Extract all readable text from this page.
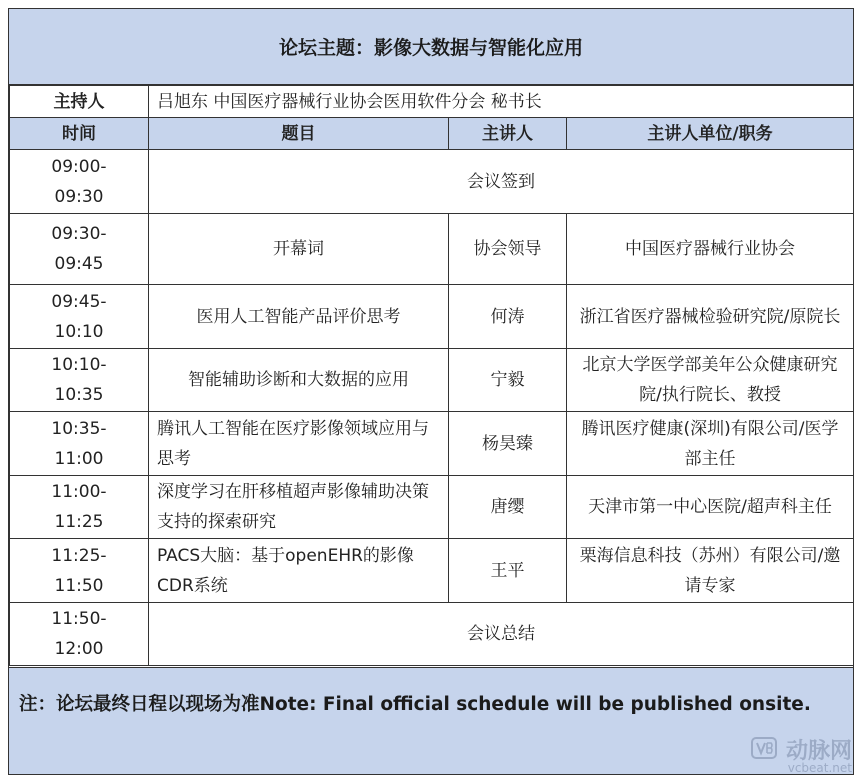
论坛主题：影像大数据与智能化应用
主持人	吕旭东 中国医疗器械行业协会医用软件分会 秘书长		
时间	题目	主讲人	主讲人单位/职务

09:00-
09:30	会议签到		

09:30-
09:45	开幕词	协会领导	中国医疗器械行业协会

09:45-
10:10	医用人工智能产品评价思考	何涛	浙江省医疗器械检验研究院/原院长

10:10-
10:35	智能辅助诊断和大数据的应用	宁毅	北京大学医学部美年公众健康研究院/执行院长、教授

10:35-
11:00	腾讯人工智能在医疗影像领域应用与思考	杨昊臻	腾讯医疗健康(深圳)有限公司/医学部主任

11:00-
11:25	深度学习在肝移植超声影像辅助决策支持的探索研究	唐缨	天津市第一中心医院/超声科主任

11:25-
11:50	PACS大脑：基于openEHR的影像CDR系统	王平	栗海信息科技（苏州）有限公司/邀请专家

11:50-
12:00	会议总结		
注：论坛最终日程以现场为准Note: Final official schedule will be published onsite.
动脉网
vcbeat.net
